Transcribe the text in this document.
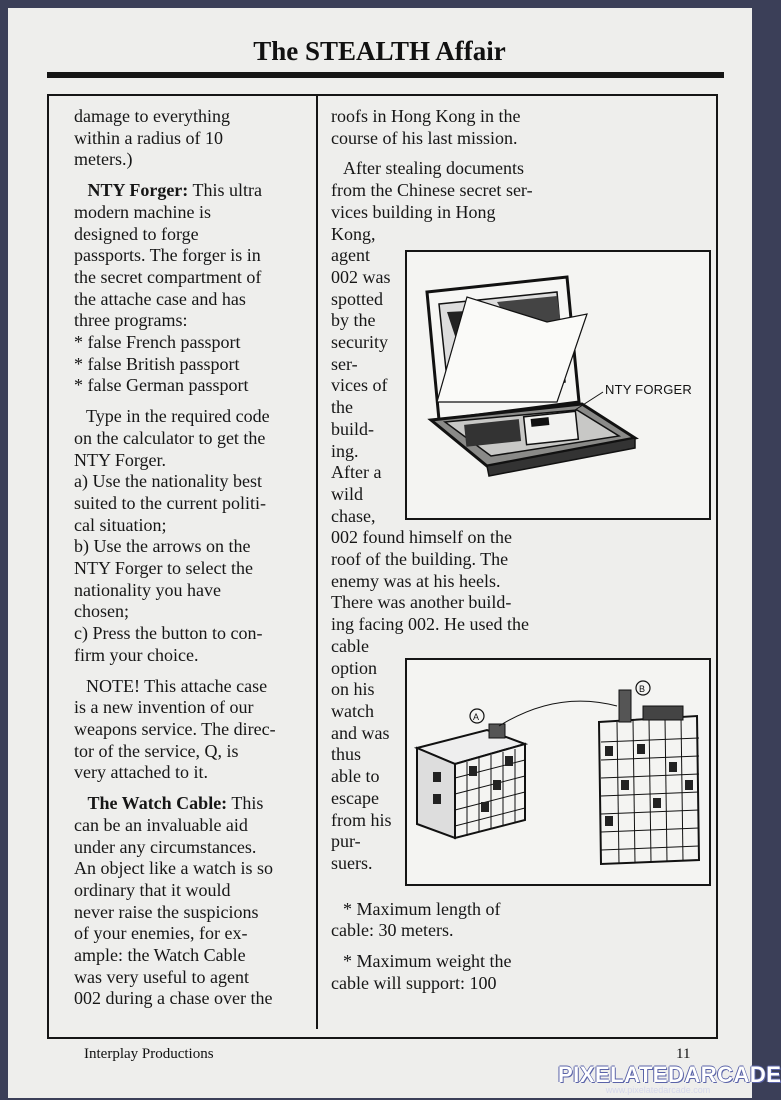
The STEALTH Affair

damage to everything
within a radius of 10
meters.)

NTY Forger: This ultra
modern machine is
designed to forge
passports. The forger is in
the secret compartment of
the attache case and has
three programs:
* false French passport
* false British passport
* false German passport

Type in the required code
on the calculator to get the
NTY Forger.
a) Use the nationality best
suited to the current politi-
cal situation;
b) Use the arrows on the
NTY Forger to select the
nationality you have
chosen;
c) Press the button to con-
firm your choice.

NOTE! This attache case
is a new invention of our
weapons service. The direc-
tor of the service, Q, is
very attached to it.

The Watch Cable: This
can be an invaluable aid
under any circumstances.
An object like a watch is so
ordinary that it would
never raise the suspicions
of your enemies, for ex-
ample: the Watch Cable
was very useful to agent
002 during a chase over the

roofs in Hong Kong in the
course of his last mission.

After stealing documents
from the Chinese secret ser-
vices building in Hong
Kong,
agent
002 was
spotted
by the
security
ser-
vices of
the
build-
ing.
After a
wild
chase,
002 found himself on the
roof of the building. The
enemy was at his heels.
There was another build-
ing facing 002. He used the
cable
option
on his
watch
and was
thus
able to
escape
from his
pur-
suers.

* Maximum length of
cable: 30 meters.

* Maximum weight the
cable will support: 100

NTY FORGER
A
B
Interplay Productions	11
PIXELATEDARCADE
www.pixelatedarcade.com
